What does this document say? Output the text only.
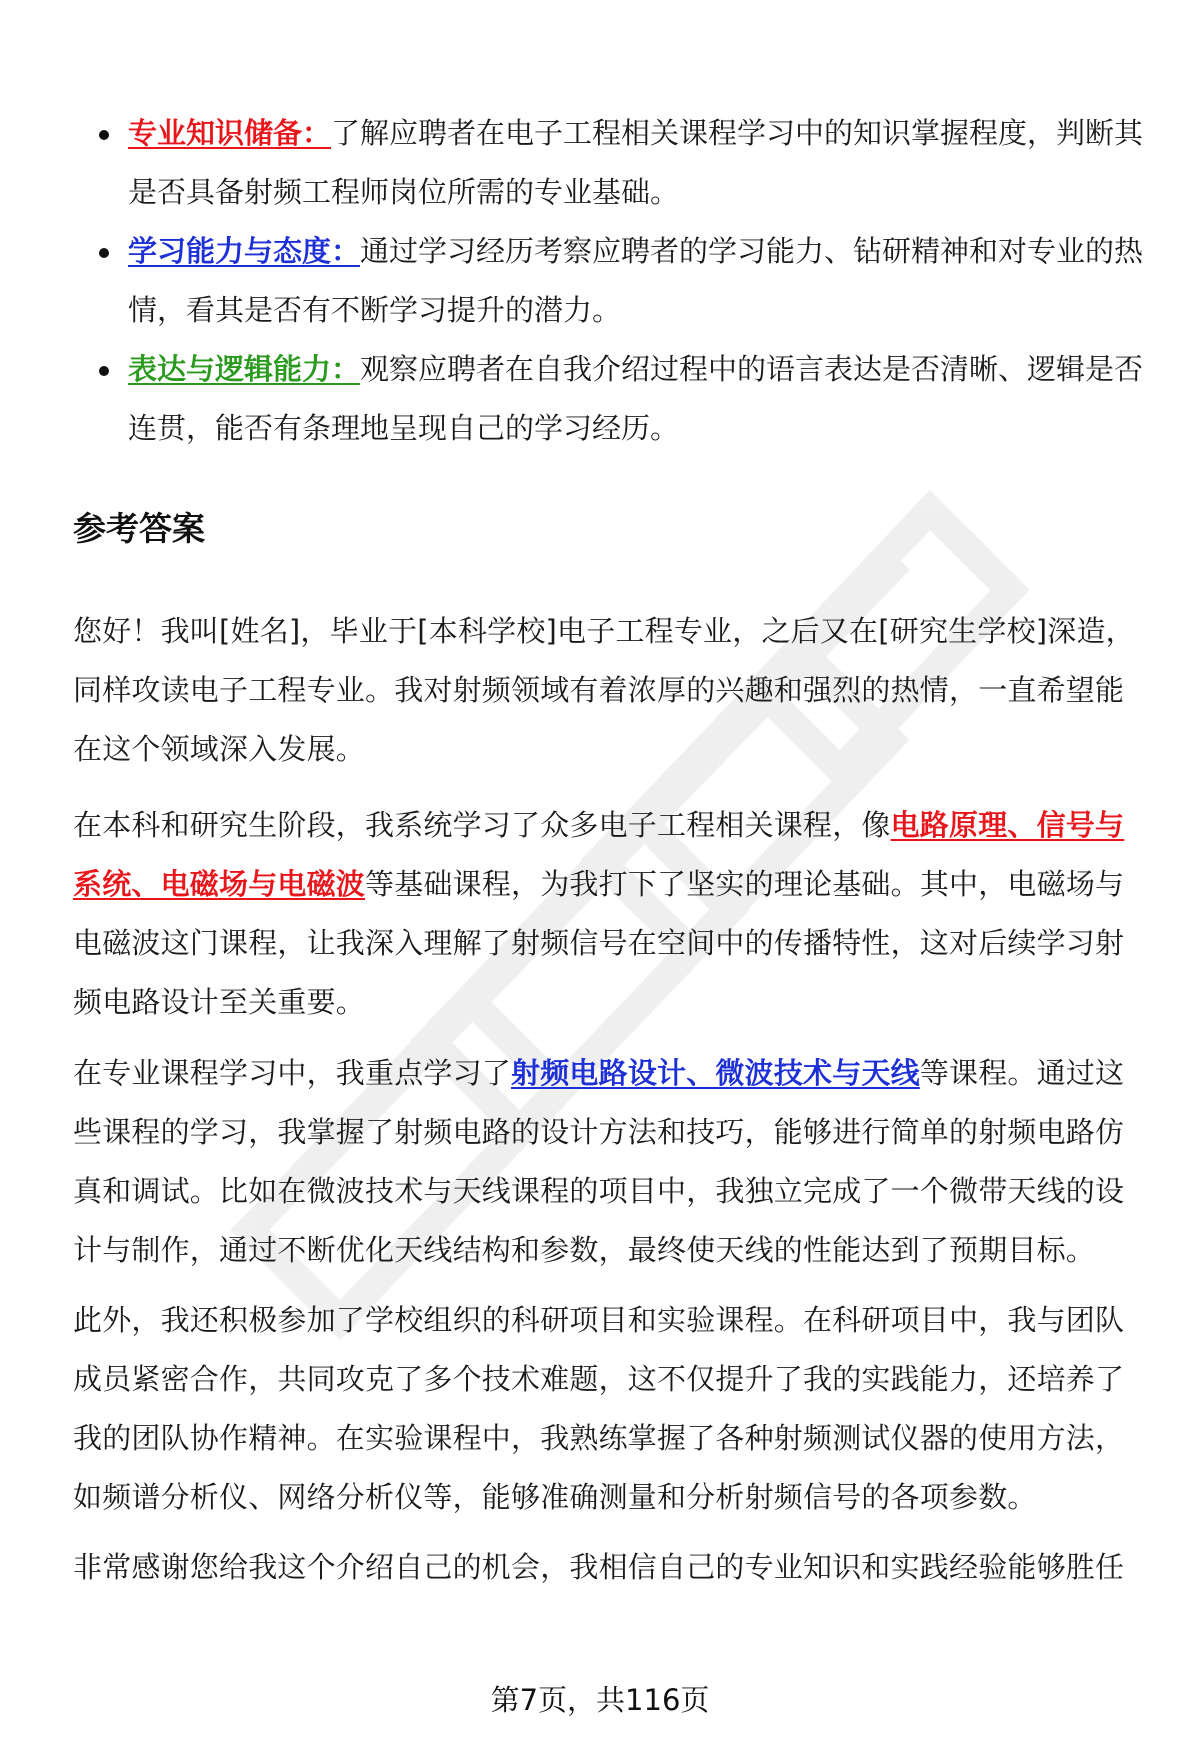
专业知识储备：了解应聘者在电子工程相关课程学习中的知识掌握程度，判断其是否具备射频工程师岗位所需的专业基础。
学习能力与态度：通过学习经历考察应聘者的学习能力、钻研精神和对专业的热情，看其是否有不断学习提升的潜力。
表达与逻辑能力：观察应聘者在自我介绍过程中的语言表达是否清晰、逻辑是否连贯，能否有条理地呈现自己的学习经历。
参考答案

您好！我叫[姓名]，毕业于[本科学校]电子工程专业，之后又在[研究生学校]深造，同样攻读电子工程专业。我对射频领域有着浓厚的兴趣和强烈的热情，一直希望能在这个领域深入发展。

在本科和研究生阶段，我系统学习了众多电子工程相关课程，像电路原理、信号与系统、电磁场与电磁波等基础课程，为我打下了坚实的理论基础。其中，电磁场与电磁波这门课程，让我深入理解了射频信号在空间中的传播特性，这对后续学习射频电路设计至关重要。

在专业课程学习中，我重点学习了射频电路设计、微波技术与天线等课程。通过这些课程的学习，我掌握了射频电路的设计方法和技巧，能够进行简单的射频电路仿真和调试。比如在微波技术与天线课程的项目中，我独立完成了一个微带天线的设计与制作，通过不断优化天线结构和参数，最终使天线的性能达到了预期目标。

此外，我还积极参加了学校组织的科研项目和实验课程。在科研项目中，我与团队成员紧密合作，共同攻克了多个技术难题，这不仅提升了我的实践能力，还培养了我的团队协作精神。在实验课程中，我熟练掌握了各种射频测试仪器的使用方法，如频谱分析仪、网络分析仪等，能够准确测量和分析射频信号的各项参数。

非常感谢您给我这个介绍自己的机会，我相信自己的专业知识和实践经验能够胜任

第7页，共116页
